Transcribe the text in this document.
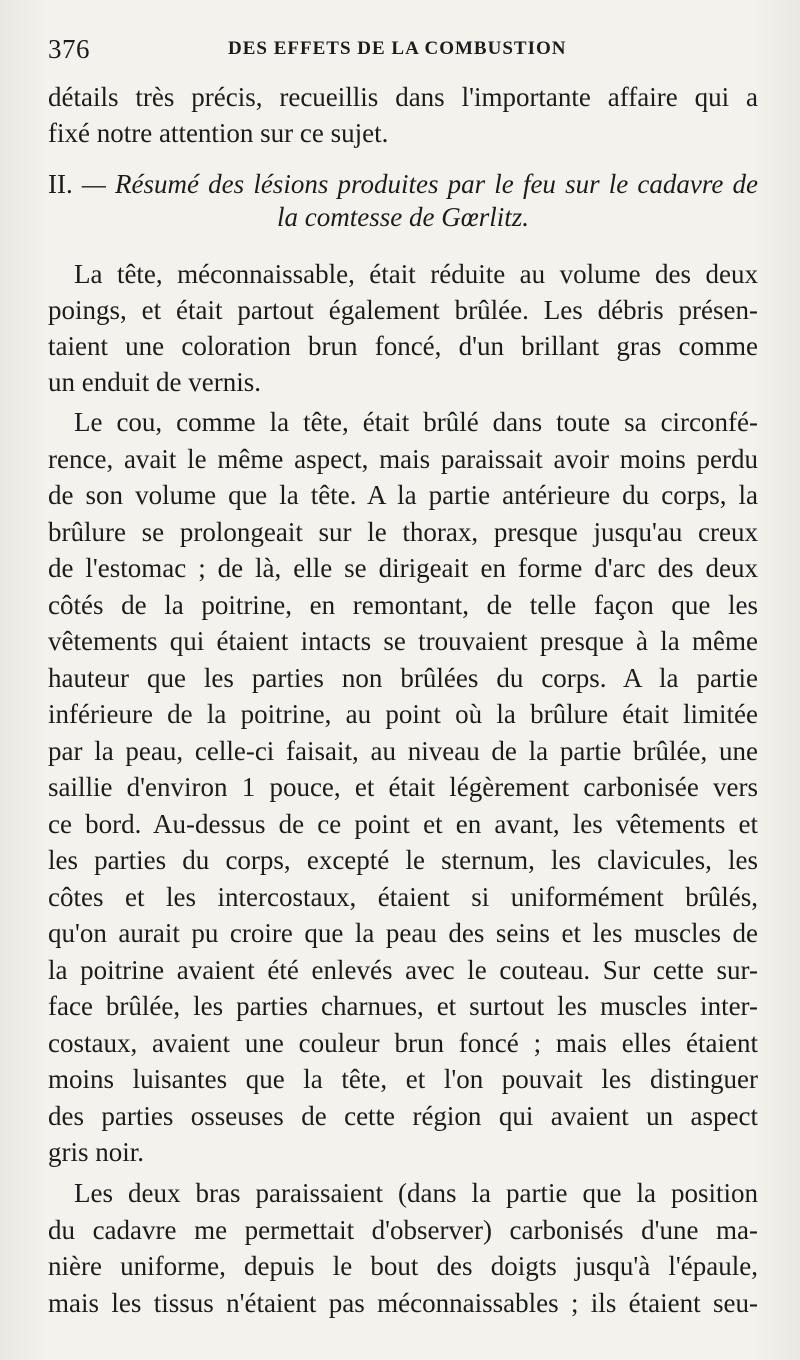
376	DES EFFETS DE LA COMBUSTION
détails très précis, recueillis dans l'importante affaire qui a
fixé notre attention sur ce sujet.
II. — Résumé des lésions produites par le feu sur le cadavre de
la comtesse de Gœrlitz.
La tête, méconnaissable, était réduite au volume des deux
poings, et était partout également brûlée. Les débris présen-
taient une coloration brun foncé, d'un brillant gras comme
un enduit de vernis.
Le cou, comme la tête, était brûlé dans toute sa circonfé-
rence, avait le même aspect, mais paraissait avoir moins perdu
de son volume que la tête. A la partie antérieure du corps, la
brûlure se prolongeait sur le thorax, presque jusqu'au creux
de l'estomac ; de là, elle se dirigeait en forme d'arc des deux
côtés de la poitrine, en remontant, de telle façon que les
vêtements qui étaient intacts se trouvaient presque à la même
hauteur que les parties non brûlées du corps. A la partie
inférieure de la poitrine, au point où la brûlure était limitée
par la peau, celle-ci faisait, au niveau de la partie brûlée, une
saillie d'environ 1 pouce, et était légèrement carbonisée vers
ce bord. Au-dessus de ce point et en avant, les vêtements et
les parties du corps, excepté le sternum, les clavicules, les
côtes et les intercostaux, étaient si uniformément brûlés,
qu'on aurait pu croire que la peau des seins et les muscles de
la poitrine avaient été enlevés avec le couteau. Sur cette sur-
face brûlée, les parties charnues, et surtout les muscles inter-
costaux, avaient une couleur brun foncé ; mais elles étaient
moins luisantes que la tête, et l'on pouvait les distinguer
des parties osseuses de cette région qui avaient un aspect
gris noir.
Les deux bras paraissaient (dans la partie que la position
du cadavre me permettait d'observer) carbonisés d'une ma-
nière uniforme, depuis le bout des doigts jusqu'à l'épaule,
mais les tissus n'étaient pas méconnaissables ; ils étaient seu-
